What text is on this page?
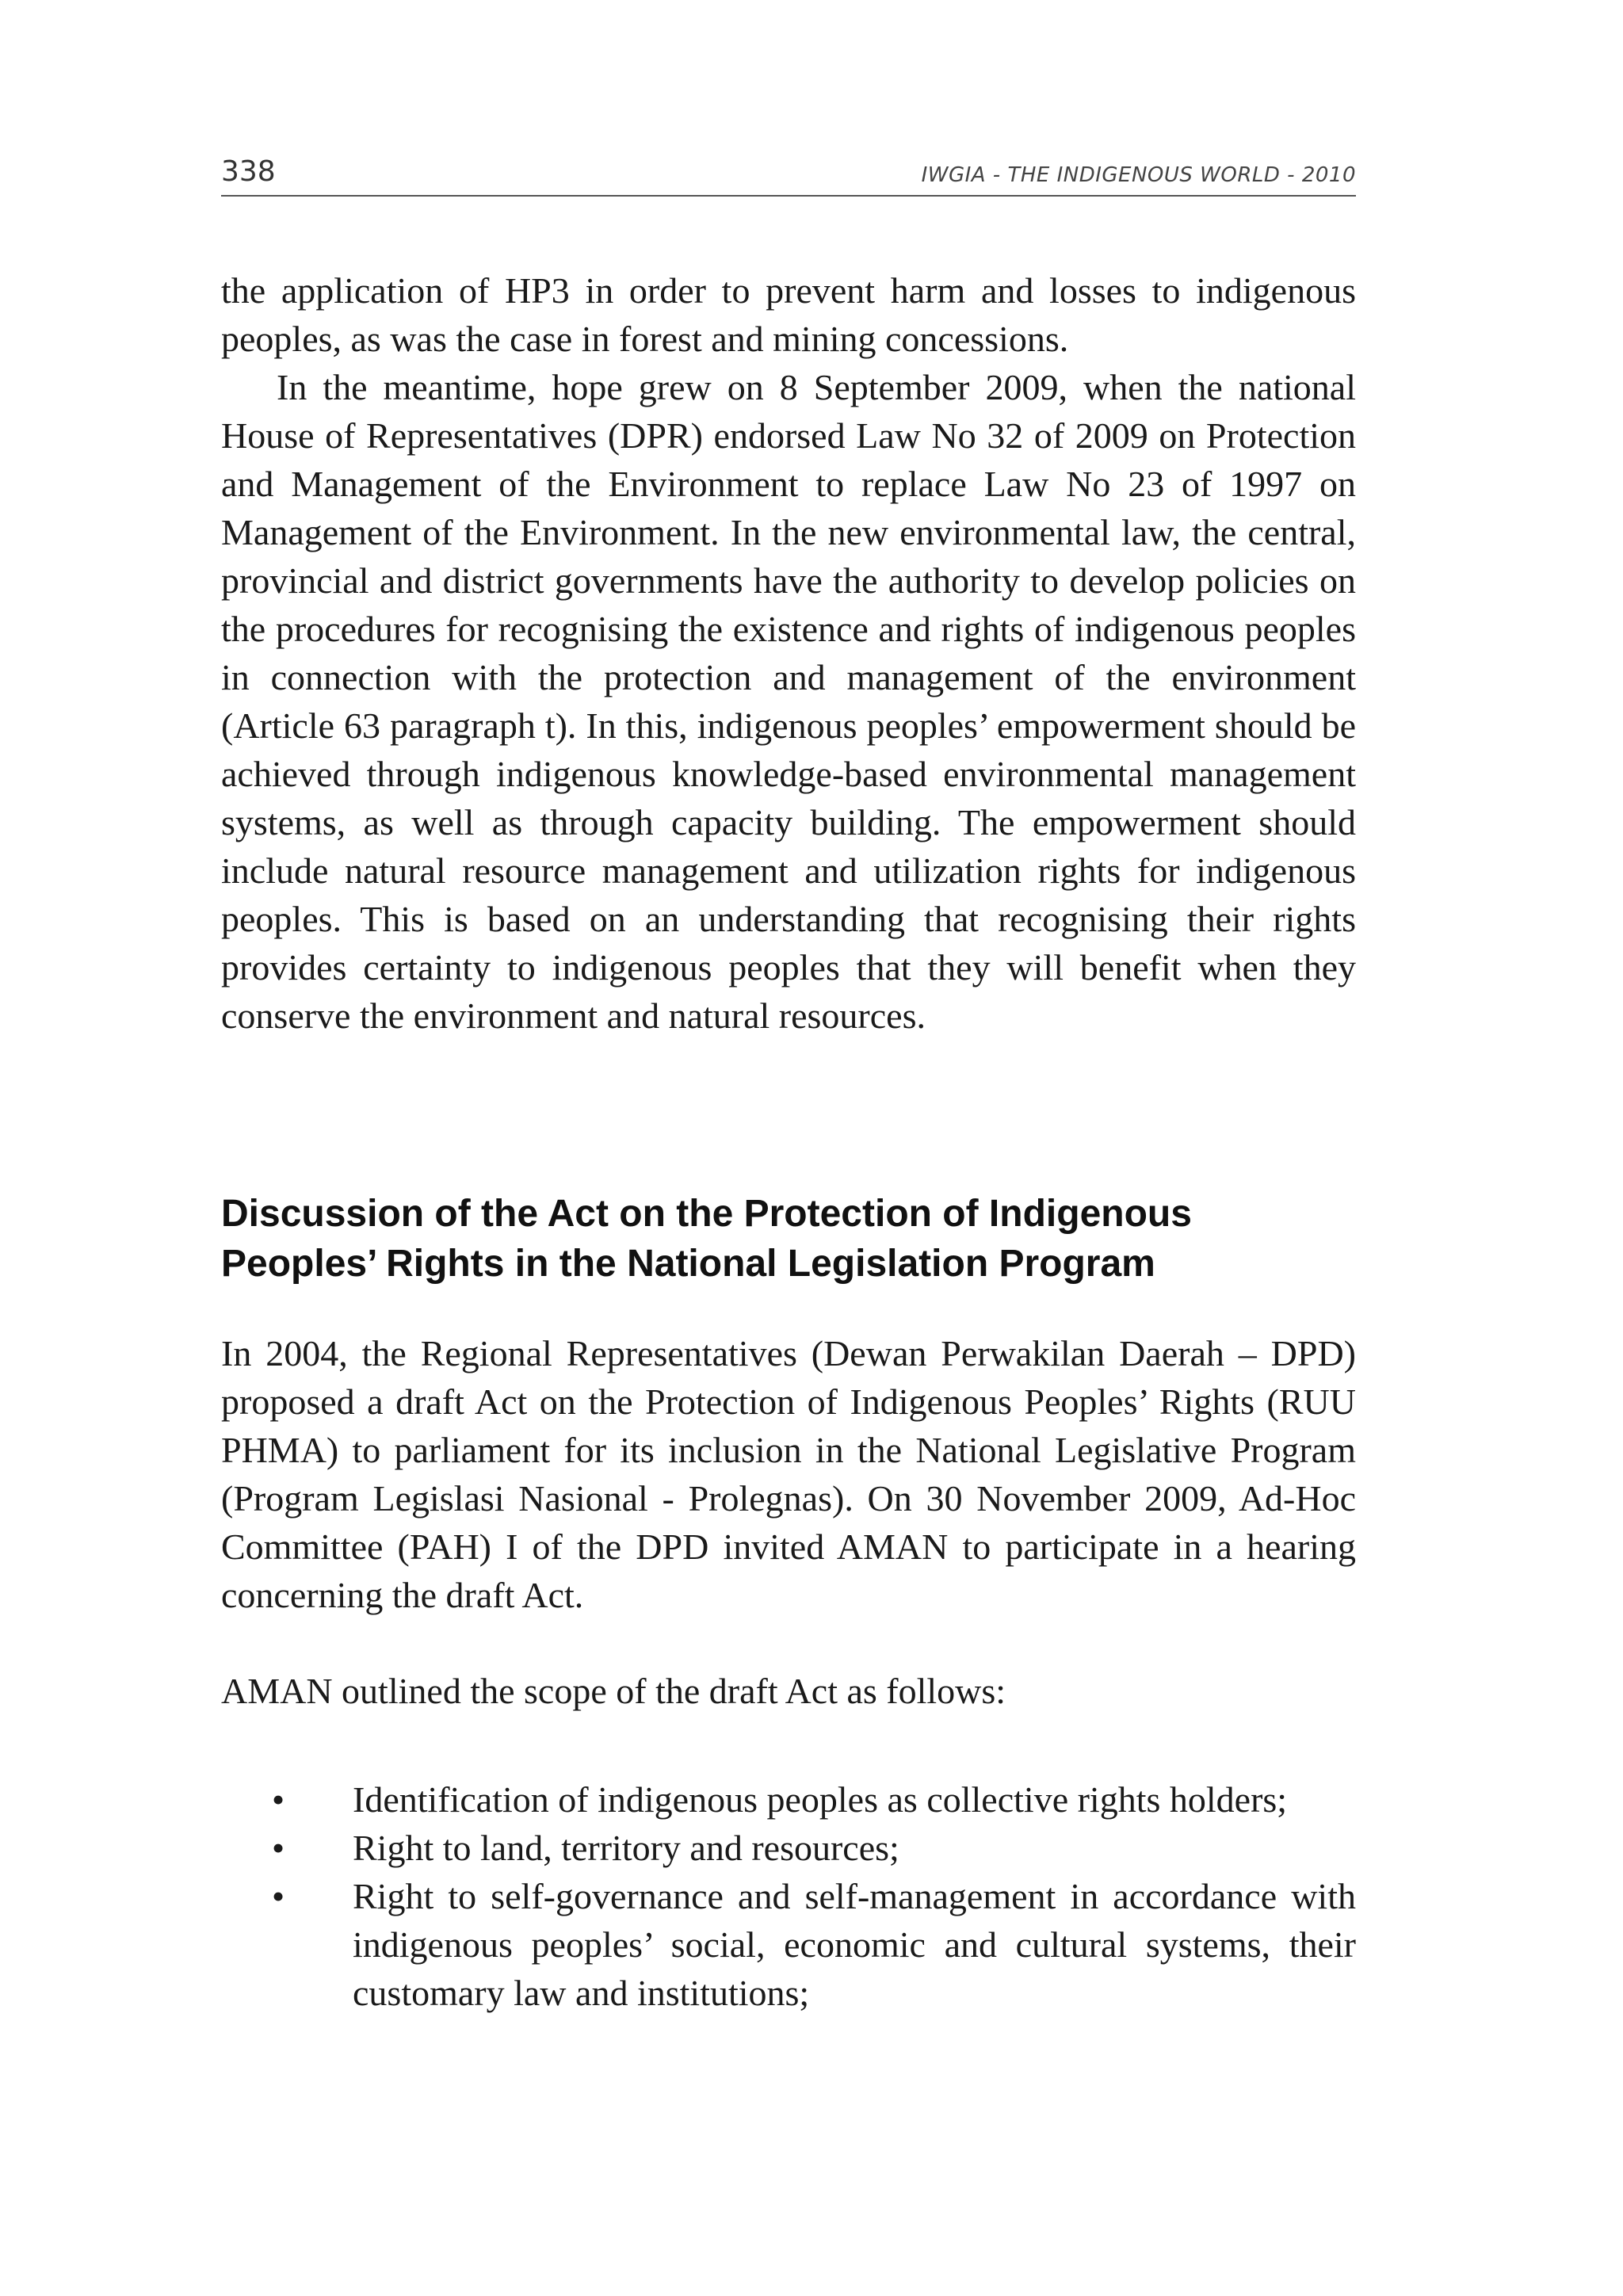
338	IWGIA - THE INDIGENOUS WORLD - 2010

the application of HP3 in order to prevent harm and losses to indigenous peoples, as was the case in forest and mining concessions.

In the meantime, hope grew on 8 September 2009, when the national House of Representatives (DPR) endorsed Law No 32 of 2009 on Protection and Management of the Environment to replace Law No 23 of 1997 on Management of the Environment. In the new environmental law, the central, provincial and district governments have the authority to develop policies on the procedures for recognising the existence and rights of indigenous peoples in connection with the protection and management of the environment (Article 63 paragraph t). In this, indigenous peoples’ empowerment should be achieved through indigenous knowledge-based environmental management systems, as well as through capacity building. The empowerment should include natural resource management and utilization rights for indigenous peoples. This is based on an understanding that recognising their rights provides certainty to indigenous peoples that they will benefit when they conserve the environment and natural resources.

Discussion of the Act on the Protection of Indigenous
Peoples’ Rights in the National Legislation Program

In 2004, the Regional Representatives (Dewan Perwakilan Daerah – DPD) proposed a draft Act on the Protection of Indigenous Peoples’ Rights (RUU PHMA) to parliament for its inclusion in the National Legislative Program (Program Legislasi Nasional - Prolegnas). On 30 November 2009, Ad-Hoc Committee (PAH) I of the DPD invited AMAN to participate in a hearing concerning the draft Act.

AMAN outlined the scope of the draft Act as follows:

• Identification of indigenous peoples as collective rights holders;
• Right to land, territory and resources;
• Right to self-governance and self-management in accordance with indigenous peoples’ social, economic and cultural systems, their customary law and institutions;
